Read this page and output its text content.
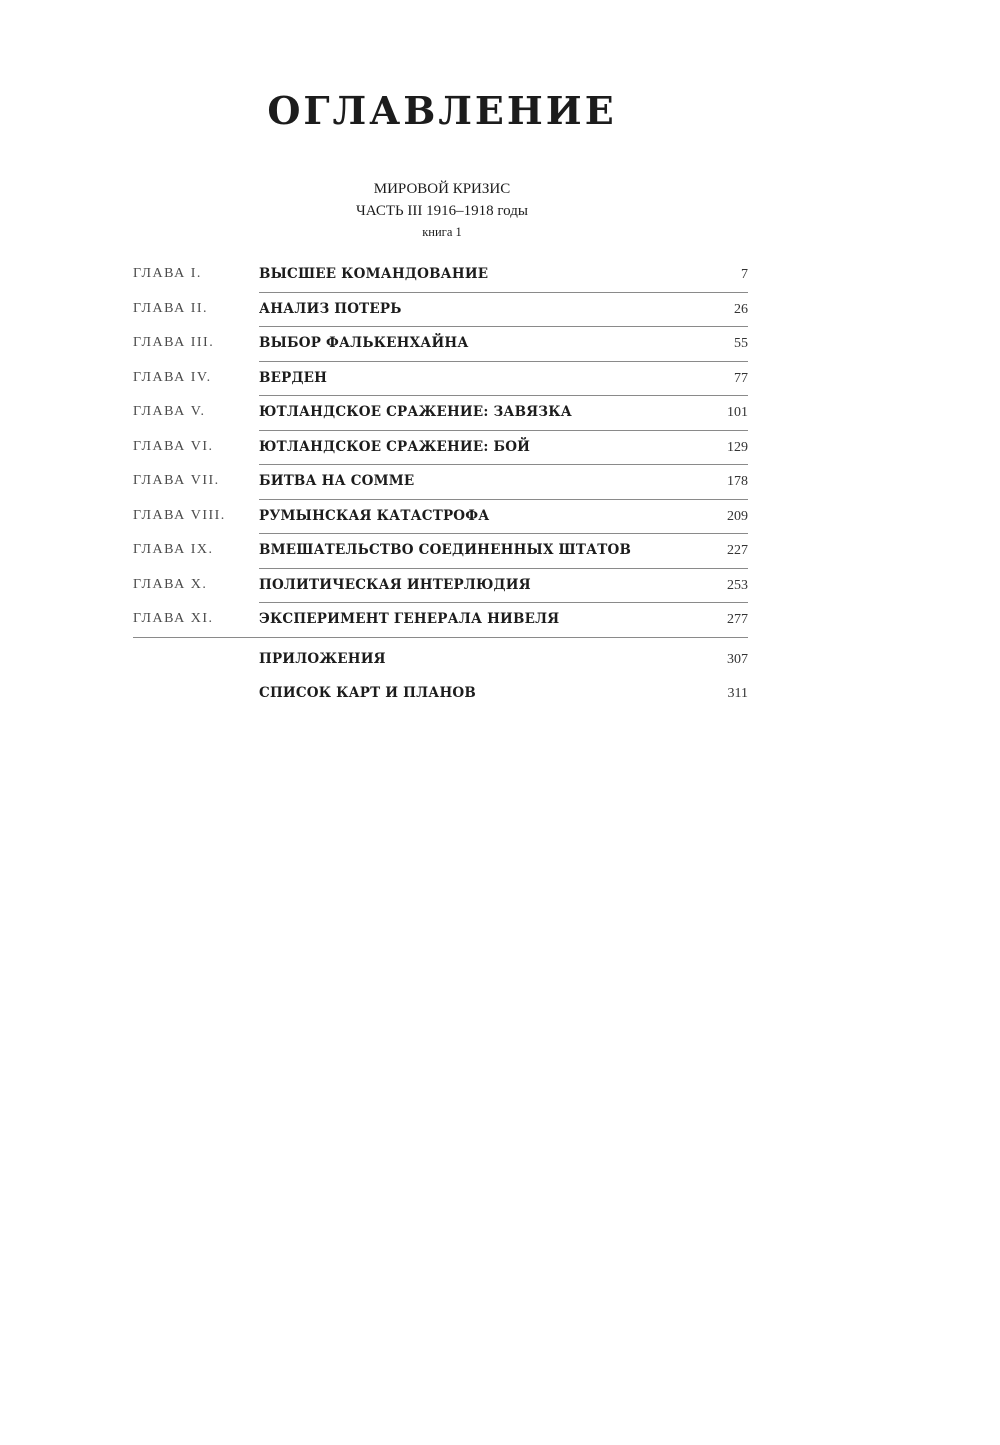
ОГЛАВЛЕНИЕ
МИРОВОЙ КРИЗИС
ЧАСТЬ III 1916–1918 годы
книга 1
ГЛАВА I.	ВЫСШЕЕ КОМАНДОВАНИЕ	7
ГЛАВА II.	АНАЛИЗ ПОТЕРЬ	26
ГЛАВА III.	ВЫБОР ФАЛЬКЕНХАЙНА	55
ГЛАВА IV.	ВЕРДЕН	77
ГЛАВА V.	ЮТЛАНДСКОЕ СРАЖЕНИЕ: ЗАВЯЗКА	101
ГЛАВА VI.	ЮТЛАНДСКОЕ СРАЖЕНИЕ: БОЙ	129
ГЛАВА VII.	БИТВА НА СОММЕ	178
ГЛАВА VIII. РУМЫНСКАЯ КАТАСТРОФА	209
ГЛАВА IX.	ВМЕШАТЕЛЬСТВО СОЕДИНЕННЫХ ШТАТОВ	227
ГЛАВА X.	ПОЛИТИЧЕСКАЯ ИНТЕРЛЮДИЯ	253
ГЛАВА XI.	ЭКСПЕРИМЕНТ ГЕНЕРАЛА НИВЕЛЯ	277
ПРИЛОЖЕНИЯ	307
СПИСОК КАРТ И ПЛАНОВ	311
